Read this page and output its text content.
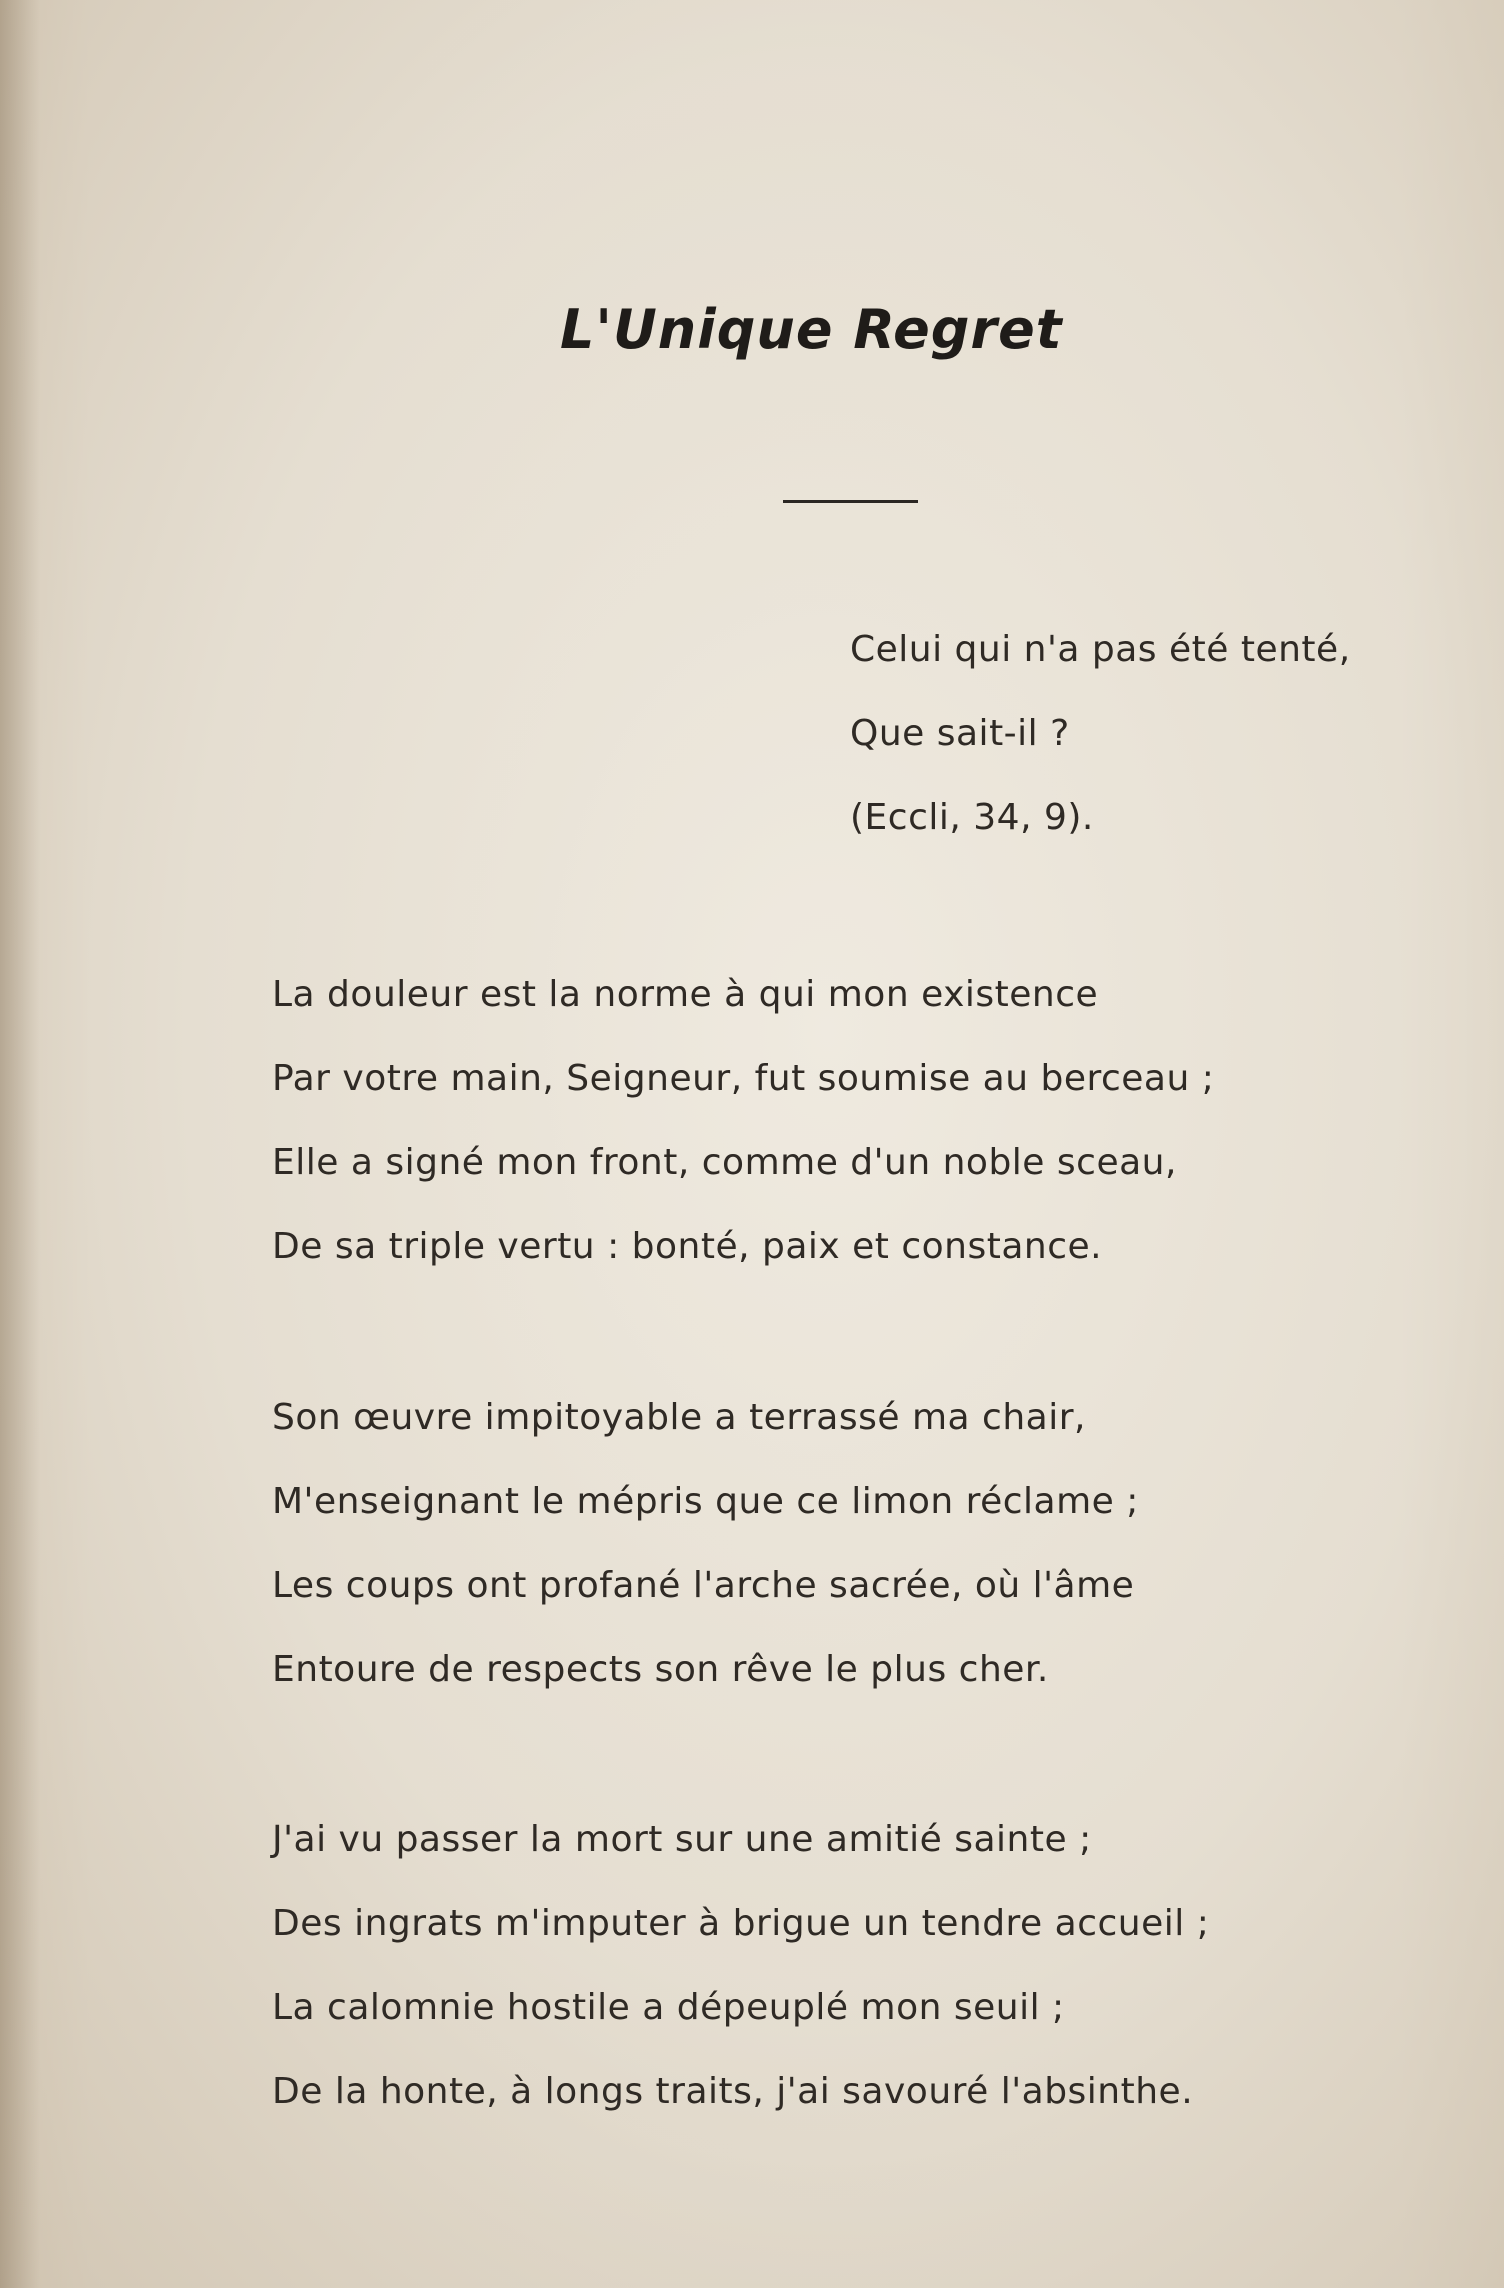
L'Unique Regret
Celui qui n'a pas été tenté,
Que sait-il ?
(Eccli, 34, 9).
La douleur est la norme à qui mon existence
Par votre main, Seigneur, fut soumise au berceau ;
Elle a signé mon front, comme d'un noble sceau,
De sa triple vertu : bonté, paix et constance.
Son œuvre impitoyable a terrassé ma chair,
M'enseignant le mépris que ce limon réclame ;
Les coups ont profané l'arche sacrée, où l'âme
Entoure de respects son rêve le plus cher.
J'ai vu passer la mort sur une amitié sainte ;
Des ingrats m'imputer à brigue un tendre accueil ;
La calomnie hostile a dépeuplé mon seuil ;
De la honte, à longs traits, j'ai savouré l'absinthe.
